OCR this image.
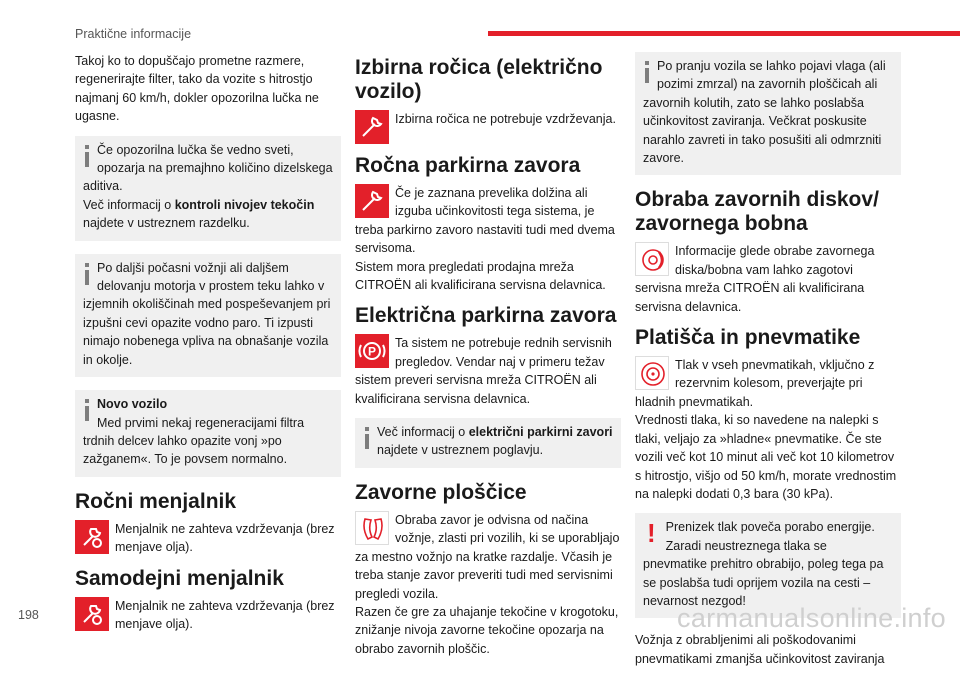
Praktične informacije

Takoj ko to dopuščajo prometne razmere, regenerirajte filter, tako da vozite s hitrostjo najmanj 60 km/h, dokler opozorilna lučka ne ugasne.

Če opozorilna lučka še vedno sveti, opozarja na premajhno količino dizelskega aditiva.
Več informacij o kontroli nivojev tekočin najdete v ustreznem razdelku.
Po daljši počasni vožnji ali daljšem delovanju motorja v prostem teku lahko v izjemnih okoliščinah med pospeševanjem pri izpušni cevi opazite vodno paro. Ti izpusti nimajo nobenega vpliva na obnašanje vozila in okolje.
Novo vozilo
Med prvimi nekaj regeneracijami filtra trdnih delcev lahko opazite vonj »po zažganem«. To je povsem normalno.
Ročni menjalnik
Menjalnik ne zahteva vzdrževanja (brez menjave olja).
Samodejni menjalnik
Menjalnik ne zahteva vzdrževanja (brez menjave olja).
Izbirna ročica (električno vozilo)
Izbirna ročica ne potrebuje vzdrževanja.
Ročna parkirna zavora
Če je zaznana prevelika dolžina ali izguba učinkovitosti tega sistema, je treba parkirno zavoro nastaviti tudi med dvema servisoma.
Sistem mora pregledati prodajna mreža CITROËN ali kvalificirana servisna delavnica.
Električna parkirna zavora
P
Ta sistem ne potrebuje rednih servisnih pregledov. Vendar naj v primeru težav sistem preveri servisna mreža CITROËN ali kvalificirana servisna delavnica.
Več informacij o električni parkirni zavori najdete v ustreznem poglavju.
Zavorne ploščice
Obraba zavor je odvisna od načina vožnje, zlasti pri vozilih, ki se uporabljajo za mestno vožnjo na kratke razdalje. Včasih je treba stanje zavor preveriti tudi med servisnimi pregledi vozila.
Razen če gre za uhajanje tekočine v krogotoku, znižanje nivoja zavorne tekočine opozarja na obrabo zavornih ploščic.
Po pranju vozila se lahko pojavi vlaga (ali pozimi zmrzal) na zavornih ploščicah ali zavornih kolutih, zato se lahko poslabša učinkovitost zaviranja. Večkrat poskusite narahlo zavreti in tako posušiti ali odmrzniti zavore.
Obraba zavornih diskov/ zavornega bobna
Informacije glede obrabe zavornega diska/bobna vam lahko zagotovi servisna mreža CITROËN ali kvalificirana servisna delavnica.
Platišča in pnevmatike
Tlak v vseh pnevmatikah, vključno z rezervnim kolesom, preverjajte pri hladnih pnevmatikah.
Vrednosti tlaka, ki so navedene na nalepki s tlaki, veljajo za »hladne« pnevmatike. Če ste vozili več kot 10 minut ali več kot 10 kilometrov s hitrostjo, višjo od 50 km/h, morate vrednostim na nalepki dodati 0,3 bara (30 kPa).
! Prenizek tlak poveča porabo energije. Zaradi neustreznega tlaka se pnevmatike prehitro obrabijo, poleg tega pa se poslabša tudi oprijem vozila na cesti – nevarnost nezgod!

Vožnja z obrabljenimi ali poškodovanimi pnevmatikami zmanjša učinkovitost zaviranja

198	carmanualsonline.info
